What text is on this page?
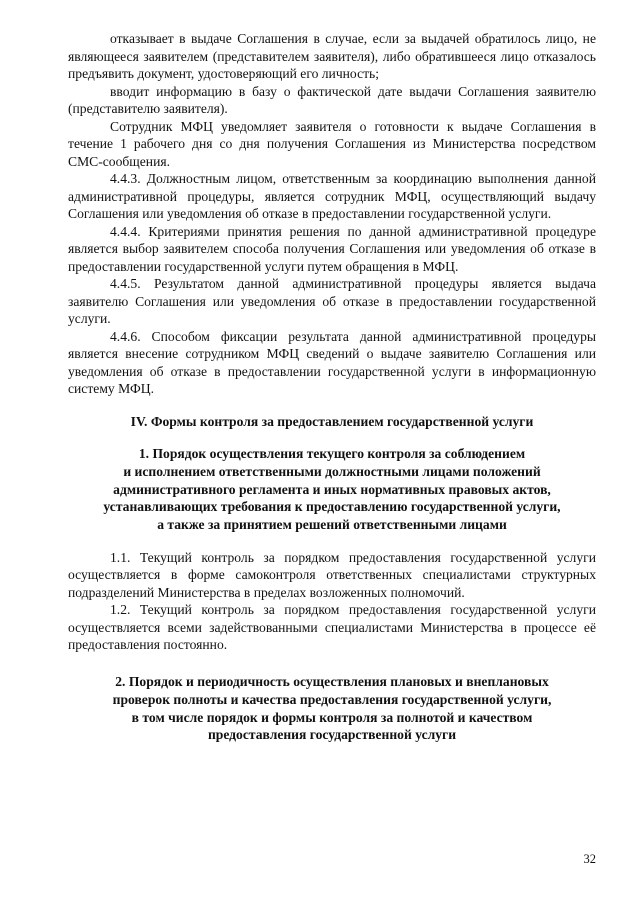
отказывает в выдаче Соглашения в случае, если за выдачей обратилось лицо, не являющееся заявителем (представителем заявителя), либо обратившееся лицо отказалось предъявить документ, удостоверяющий его личность;

вводит информацию в базу о фактической дате выдачи Соглашения заявителю (представителю заявителя).

Сотрудник МФЦ уведомляет заявителя о готовности к выдаче Соглашения в течение 1 рабочего дня со дня получения Соглашения из Министерства посредством СМС-сообщения.

4.4.3. Должностным лицом, ответственным за координацию выполнения данной административной процедуры, является сотрудник МФЦ, осуществляющий выдачу Соглашения или уведомления об отказе в предоставлении государственной услуги.

4.4.4. Критериями принятия решения по данной административной процедуре является выбор заявителем способа получения Соглашения или уведомления об отказе в предоставлении государственной услуги путем обращения в МФЦ.

4.4.5. Результатом данной административной процедуры является выдача заявителю Соглашения или уведомления об отказе в предоставлении государственной услуги.

4.4.6. Способом фиксации результата данной административной процедуры является внесение сотрудником МФЦ сведений о выдаче заявителю Соглашения или уведомления об отказе в предоставлении государственной услуги в информационную систему МФЦ.

IV. Формы контроля за предоставлением государственной услуги
1. Порядок осуществления текущего контроля за соблюдением
и исполнением ответственными должностными лицами положений
административного регламента и иных нормативных правовых актов,
устанавливающих требования к предоставлению государственной услуги,
а также за принятием решений ответственными лицами

1.1. Текущий контроль за порядком предоставления государственной услуги осуществляется в форме самоконтроля ответственных специалистами структурных подразделений Министерства в пределах возложенных полномочий.

1.2. Текущий контроль за порядком предоставления государственной услуги осуществляется всеми задействованными специалистами Министерства в процессе её предоставления постоянно.

2. Порядок и периодичность осуществления плановых и внеплановых
проверок полноты и качества предоставления государственной услуги,
в том числе порядок и формы контроля за полнотой и качеством
предоставления государственной услуги
32
